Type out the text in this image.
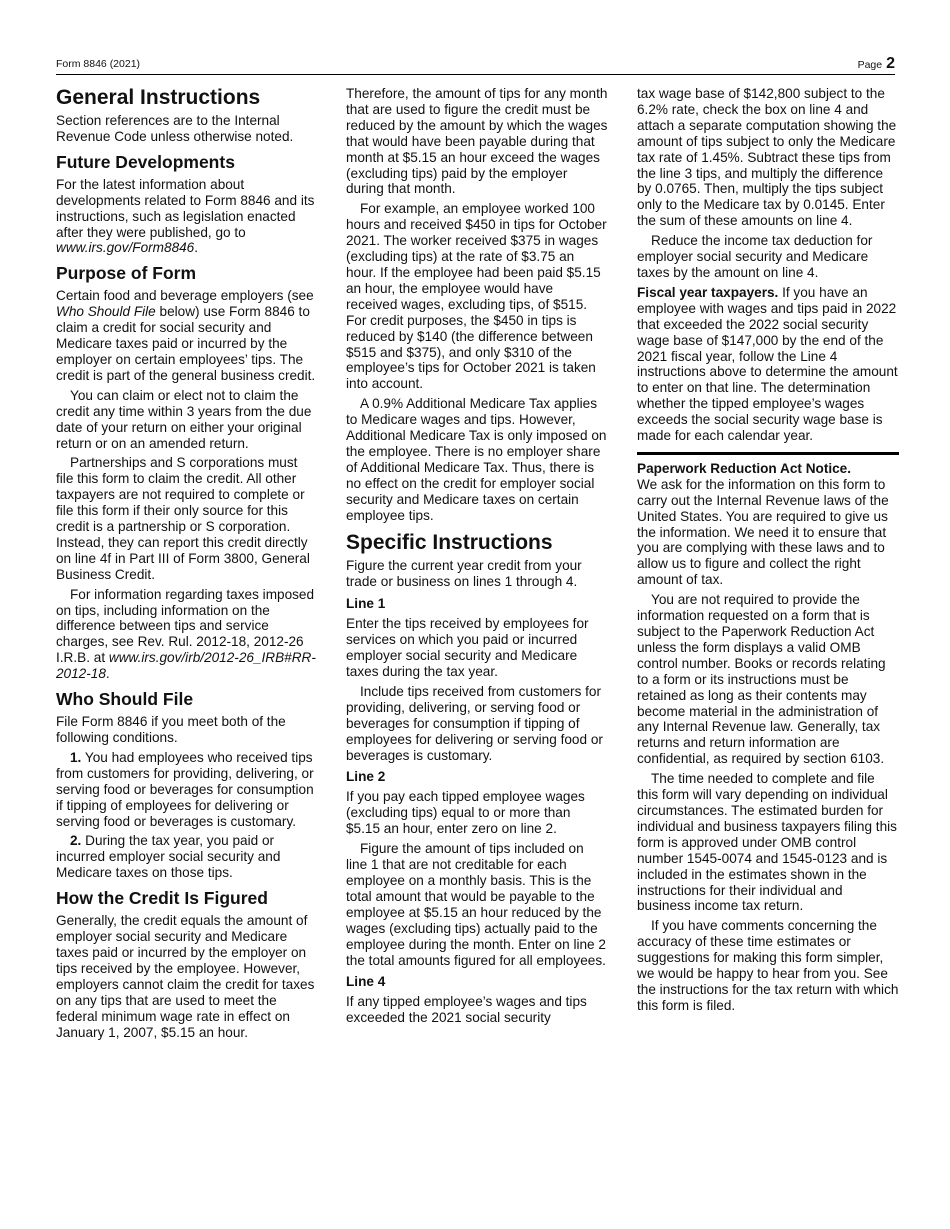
Form 8846 (2021)	Page 2
General Instructions

Section references are to the Internal Revenue Code unless otherwise noted.

Future Developments

For the latest information about developments related to Form 8846 and its instructions, such as legislation enacted after they were published, go to www.irs.gov/Form8846.

Purpose of Form

Certain food and beverage employers (see Who Should File below) use Form 8846 to claim a credit for social security and Medicare taxes paid or incurred by the employer on certain employees’ tips. The credit is part of the general business credit.

You can claim or elect not to claim the credit any time within 3 years from the due date of your return on either your original return or on an amended return.

Partnerships and S corporations must file this form to claim the credit. All other taxpayers are not required to complete or file this form if their only source for this credit is a partnership or S corporation. Instead, they can report this credit directly on line 4f in Part III of Form 3800, General Business Credit.

For information regarding taxes imposed on tips, including information on the difference between tips and service charges, see Rev. Rul. 2012-18, 2012-26 I.R.B. at www.irs.gov/irb/2012-26_IRB#RR-2012-18.

Who Should File

File Form 8846 if you meet both of the following conditions.

1. You had employees who received tips from customers for providing, delivering, or serving food or beverages for consumption if tipping of employees for delivering or serving food or beverages is customary.

2. During the tax year, you paid or incurred employer social security and Medicare taxes on those tips.

How the Credit Is Figured

Generally, the credit equals the amount of employer social security and Medicare taxes paid or incurred by the employer on tips received by the employee. However, employers cannot claim the credit for taxes on any tips that are used to meet the federal minimum wage rate in effect on January 1, 2007, $5.15 an hour.

Therefore, the amount of tips for any month that are used to figure the credit must be reduced by the amount by which the wages that would have been payable during that month at $5.15 an hour exceed the wages (excluding tips) paid by the employer during that month.

For example, an employee worked 100 hours and received $450 in tips for October 2021. The worker received $375 in wages (excluding tips) at the rate of $3.75 an hour. If the employee had been paid $5.15 an hour, the employee would have received wages, excluding tips, of $515. For credit purposes, the $450 in tips is reduced by $140 (the difference between $515 and $375), and only $310 of the employee’s tips for October 2021 is taken into account.

A 0.9% Additional Medicare Tax applies to Medicare wages and tips. However, Additional Medicare Tax is only imposed on the employee. There is no employer share of Additional Medicare Tax. Thus, there is no effect on the credit for employer social security and Medicare taxes on certain employee tips.

Specific Instructions

Figure the current year credit from your trade or business on lines 1 through 4.

Line 1

Enter the tips received by employees for services on which you paid or incurred employer social security and Medicare taxes during the tax year.

Include tips received from customers for providing, delivering, or serving food or beverages for consumption if tipping of employees for delivering or serving food or beverages is customary.

Line 2

If you pay each tipped employee wages (excluding tips) equal to or more than $5.15 an hour, enter zero on line 2.

Figure the amount of tips included on line 1 that are not creditable for each employee on a monthly basis. This is the total amount that would be payable to the employee at $5.15 an hour reduced by the wages (excluding tips) actually paid to the employee during the month. Enter on line 2 the total amounts figured for all employees.

Line 4

If any tipped employee’s wages and tips exceeded the 2021 social security

tax wage base of $142,800 subject to the 6.2% rate, check the box on line 4 and attach a separate computation showing the amount of tips subject to only the Medicare tax rate of 1.45%. Subtract these tips from the line 3 tips, and multiply the difference by 0.0765. Then, multiply the tips subject only to the Medicare tax by 0.0145. Enter the sum of these amounts on line 4.

Reduce the income tax deduction for employer social security and Medicare taxes by the amount on line 4.

Fiscal year taxpayers. If you have an employee with wages and tips paid in 2022 that exceeded the 2022 social security wage base of $147,000 by the end of the 2021 fiscal year, follow the Line 4 instructions above to determine the amount to enter on that line. The determination whether the tipped employee’s wages exceeds the social security wage base is made for each calendar year.

Paperwork Reduction Act Notice.

We ask for the information on this form to carry out the Internal Revenue laws of the United States. You are required to give us the information. We need it to ensure that you are complying with these laws and to allow us to figure and collect the right amount of tax.

You are not required to provide the information requested on a form that is subject to the Paperwork Reduction Act unless the form displays a valid OMB control number. Books or records relating to a form or its instructions must be retained as long as their contents may become material in the administration of any Internal Revenue law. Generally, tax returns and return information are confidential, as required by section 6103.

The time needed to complete and file this form will vary depending on individual circumstances. The estimated burden for individual and business taxpayers filing this form is approved under OMB control number 1545-0074 and 1545-0123 and is included in the estimates shown in the instructions for their individual and business income tax return.

If you have comments concerning the accuracy of these time estimates or suggestions for making this form simpler, we would be happy to hear from you. See the instructions for the tax return with which this form is filed.
